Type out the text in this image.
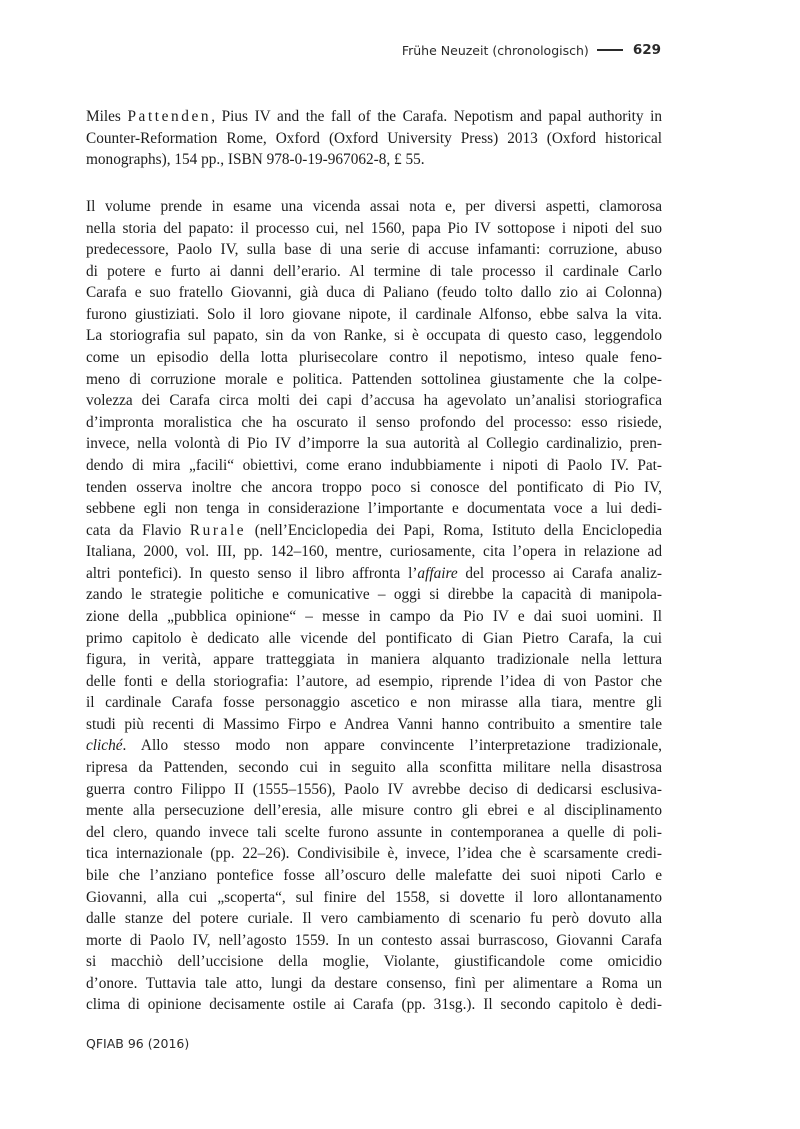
Frühe Neuzeit (chronologisch)	629
Miles Pattenden, Pius IV and the fall of the Carafa. Nepotism and papal authority in
Counter-Reformation Rome, Oxford (Oxford University Press) 2013 (Oxford historical
monographs), 154 pp., ISBN 978-0-19-967062-8, £ 55.
Il volume prende in esame una vicenda assai nota e, per diversi aspetti, clamorosa
nella storia del papato: il processo cui, nel 1560, papa Pio IV sottopose i nipoti del suo
predecessore, Paolo IV, sulla base di una serie di accuse infamanti: corruzione, abuso
di potere e furto ai danni dell’erario. Al termine di tale processo il cardinale Carlo
Carafa e suo fratello Giovanni, già duca di Paliano (feudo tolto dallo zio ai Colonna)
furono giustiziati. Solo il loro giovane nipote, il cardinale Alfonso, ebbe salva la vita.
La storiografia sul papato, sin da von Ranke, si è occupata di questo caso, leggendolo
come un episodio della lotta plurisecolare contro il nepotismo, inteso quale feno-
meno di corruzione morale e politica. Pattenden sottolinea giustamente che la colpe-
volezza dei Carafa circa molti dei capi d’accusa ha agevolato un’analisi storiografica
d’impronta moralistica che ha oscurato il senso profondo del processo: esso risiede,
invece, nella volontà di Pio IV d’imporre la sua autorità al Collegio cardinalizio, pren-
dendo di mira „facili“ obiettivi, come erano indubbiamente i nipoti di Paolo IV. Pat-
tenden osserva inoltre che ancora troppo poco si conosce del pontificato di Pio IV,
sebbene egli non tenga in considerazione l’importante e documentata voce a lui dedi-
cata da Flavio Rurale (nell’Enciclopedia dei Papi, Roma, Istituto della Enciclopedia
Italiana, 2000, vol. III, pp. 142–160, mentre, curiosamente, cita l’opera in relazione ad
altri pontefici). In questo senso il libro affronta l’affaire del processo ai Carafa analiz-
zando le strategie politiche e comunicative – oggi si direbbe la capacità di manipola-
zione della „pubblica opinione“ – messe in campo da Pio IV e dai suoi uomini. Il
primo capitolo è dedicato alle vicende del pontificato di Gian Pietro Carafa, la cui
figura, in verità, appare tratteggiata in maniera alquanto tradizionale nella lettura
delle fonti e della storiografia: l’autore, ad esempio, riprende l’idea di von Pastor che
il cardinale Carafa fosse personaggio ascetico e non mirasse alla tiara, mentre gli
studi più recenti di Massimo Firpo e Andrea Vanni hanno contribuito a smentire tale
cliché. Allo stesso modo non appare convincente l’interpretazione tradizionale,
ripresa da Pattenden, secondo cui in seguito alla sconfitta militare nella disastrosa
guerra contro Filippo II (1555–1556), Paolo IV avrebbe deciso di dedicarsi esclusiva-
mente alla persecuzione dell’eresia, alle misure contro gli ebrei e al disciplinamento
del clero, quando invece tali scelte furono assunte in contemporanea a quelle di poli-
tica internazionale (pp. 22–26). Condivisibile è, invece, l’idea che è scarsamente credi-
bile che l’anziano pontefice fosse all’oscuro delle malefatte dei suoi nipoti Carlo e
Giovanni, alla cui „scoperta“, sul finire del 1558, si dovette il loro allontanamento
dalle stanze del potere curiale. Il vero cambiamento di scenario fu però dovuto alla
morte di Paolo IV, nell’agosto 1559. In un contesto assai burrascoso, Giovanni Carafa
si macchiò dell’uccisione della moglie, Violante, giustificandole come omicidio
d’onore. Tuttavia tale atto, lungi da destare consenso, finì per alimentare a Roma un
clima di opinione decisamente ostile ai Carafa (pp. 31sg.). Il secondo capitolo è dedi-
QFIAB 96 (2016)
